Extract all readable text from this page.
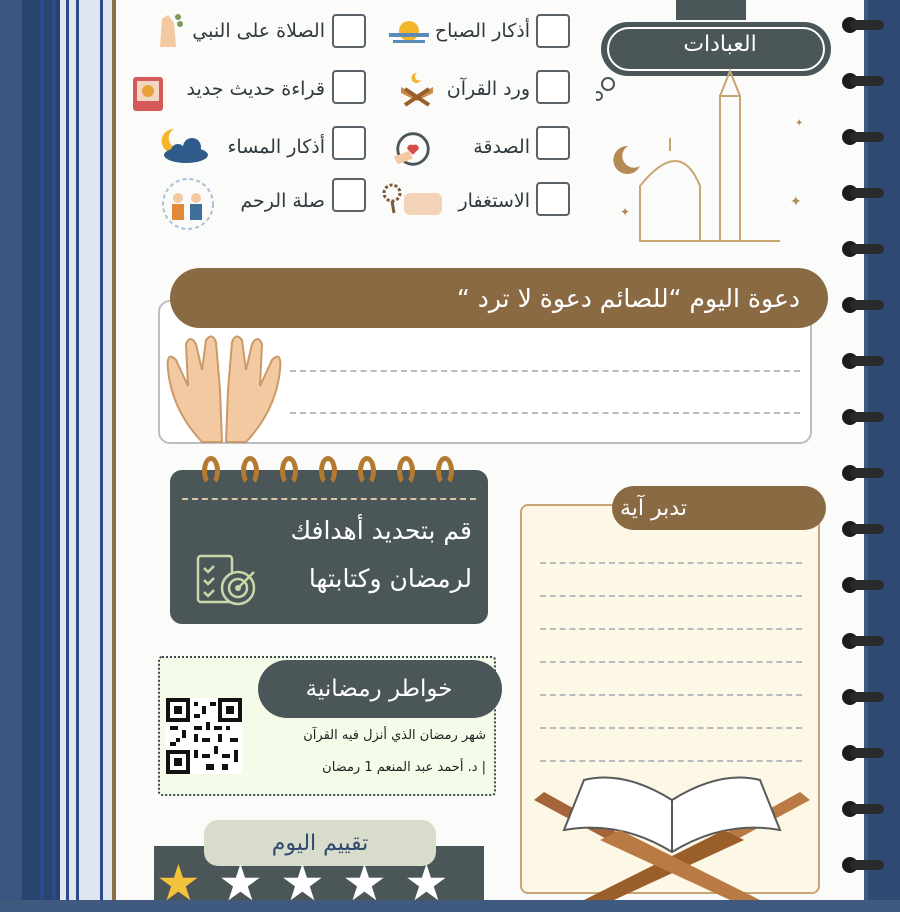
العبادات
✦
✦
✦
أذكار الصباح
الصلاة على النبي
ورد القرآن
قراءة حديث جديد
الصدقة
أذكار المساء
الاستغفار
صلة الرحم
دعوة اليوم “للصائم دعوة لا ترد “
قم بتحديد أهدافك
لرمضان وكتابتها
تدبر آية
خواطر رمضانية
شهر رمضان الذي أنزل فيه القرآن
| د. أحمد عبد المنعم 1 رمضان
تقييم اليوم
★ ★ ★ ★ ★
